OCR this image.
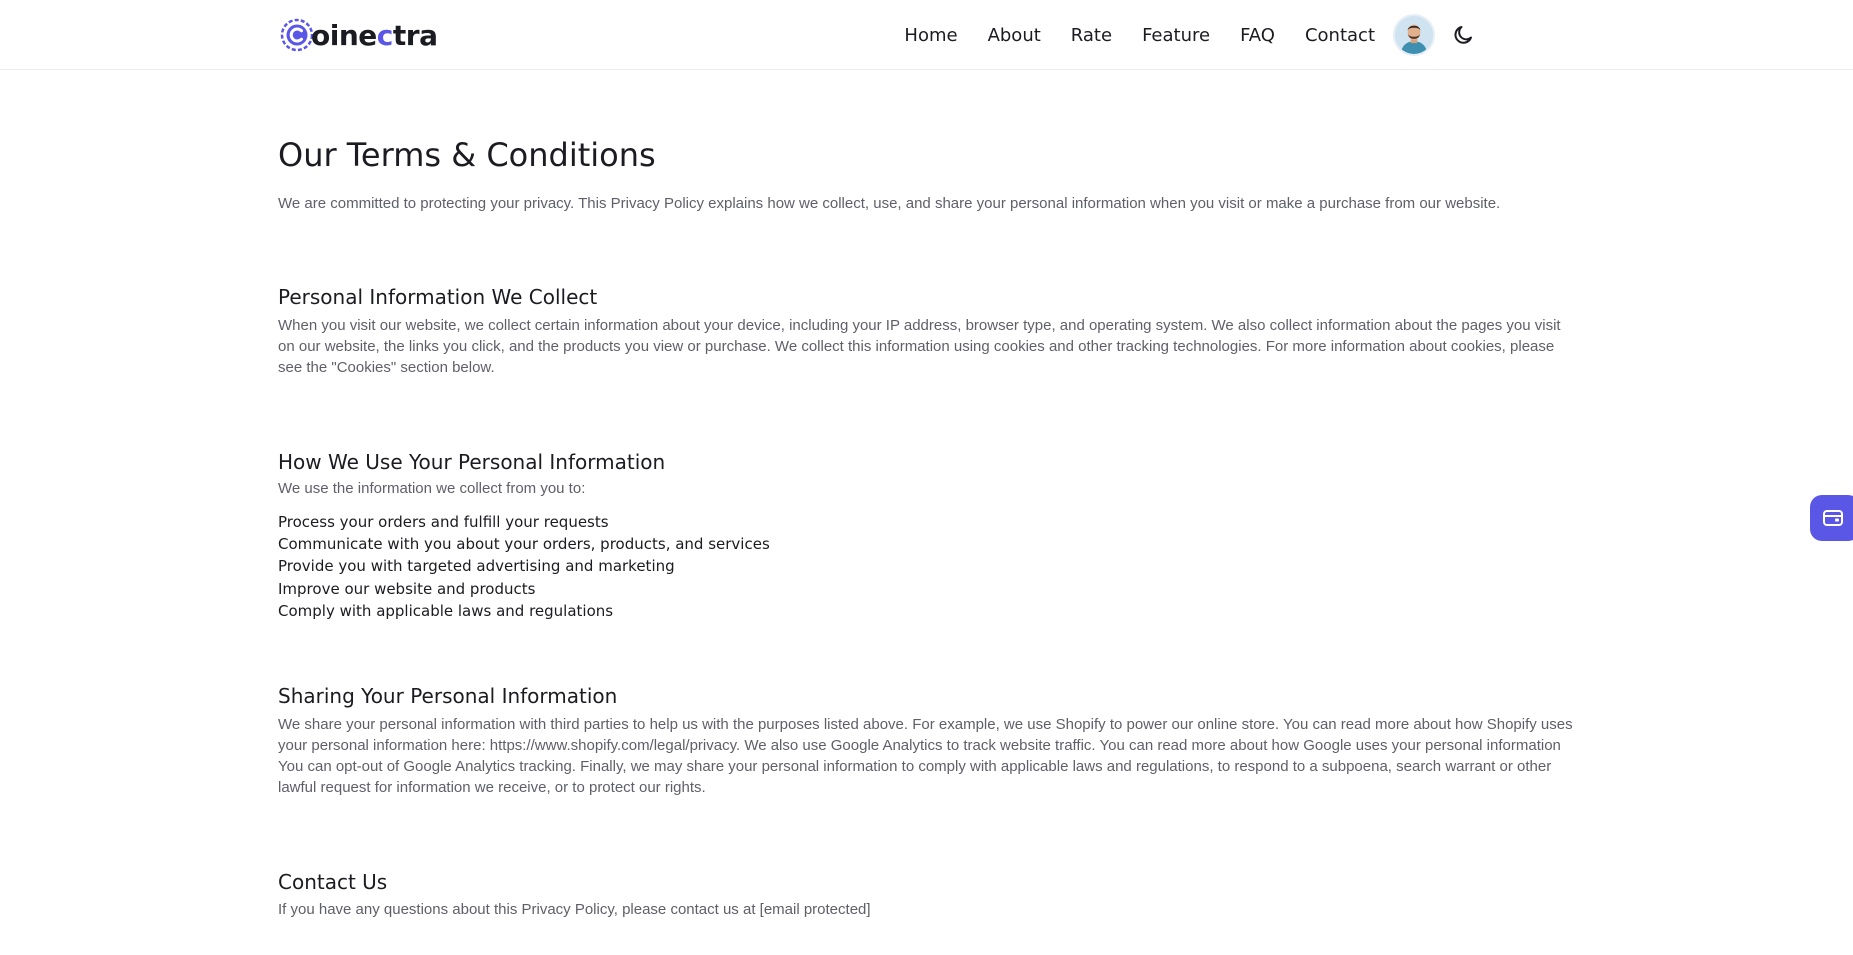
oinectra	Home About Rate Feature FAQ Contact
Our Terms & Conditions

We are committed to protecting your privacy. This Privacy Policy explains how we collect, use, and share your personal information when you visit or make a purchase from our website.

Personal Information We Collect

When you visit our website, we collect certain information about your device, including your IP address, browser type, and operating system. We also collect information about the pages you visit on our website, the links you click, and the products you view or purchase. We collect this information using cookies and other tracking technologies. For more information about cookies, please see the "Cookies" section below.

How We Use Your Personal Information

We use the information we collect from you to:

Process your orders and fulfill your requests
Communicate with you about your orders, products, and services
Provide you with targeted advertising and marketing
Improve our website and products
Comply with applicable laws and regulations
Sharing Your Personal Information

We share your personal information with third parties to help us with the purposes listed above. For example, we use Shopify to power our online store. You can read more about how Shopify uses your personal information here: https://www.shopify.com/legal/privacy. We also use Google Analytics to track website traffic. You can read more about how Google uses your personal information You can opt-out of Google Analytics tracking. Finally, we may share your personal information to comply with applicable laws and regulations, to respond to a subpoena, search warrant or other lawful request for information we receive, or to protect our rights.

Contact Us

If you have any questions about this Privacy Policy, please contact us at [email protected]
